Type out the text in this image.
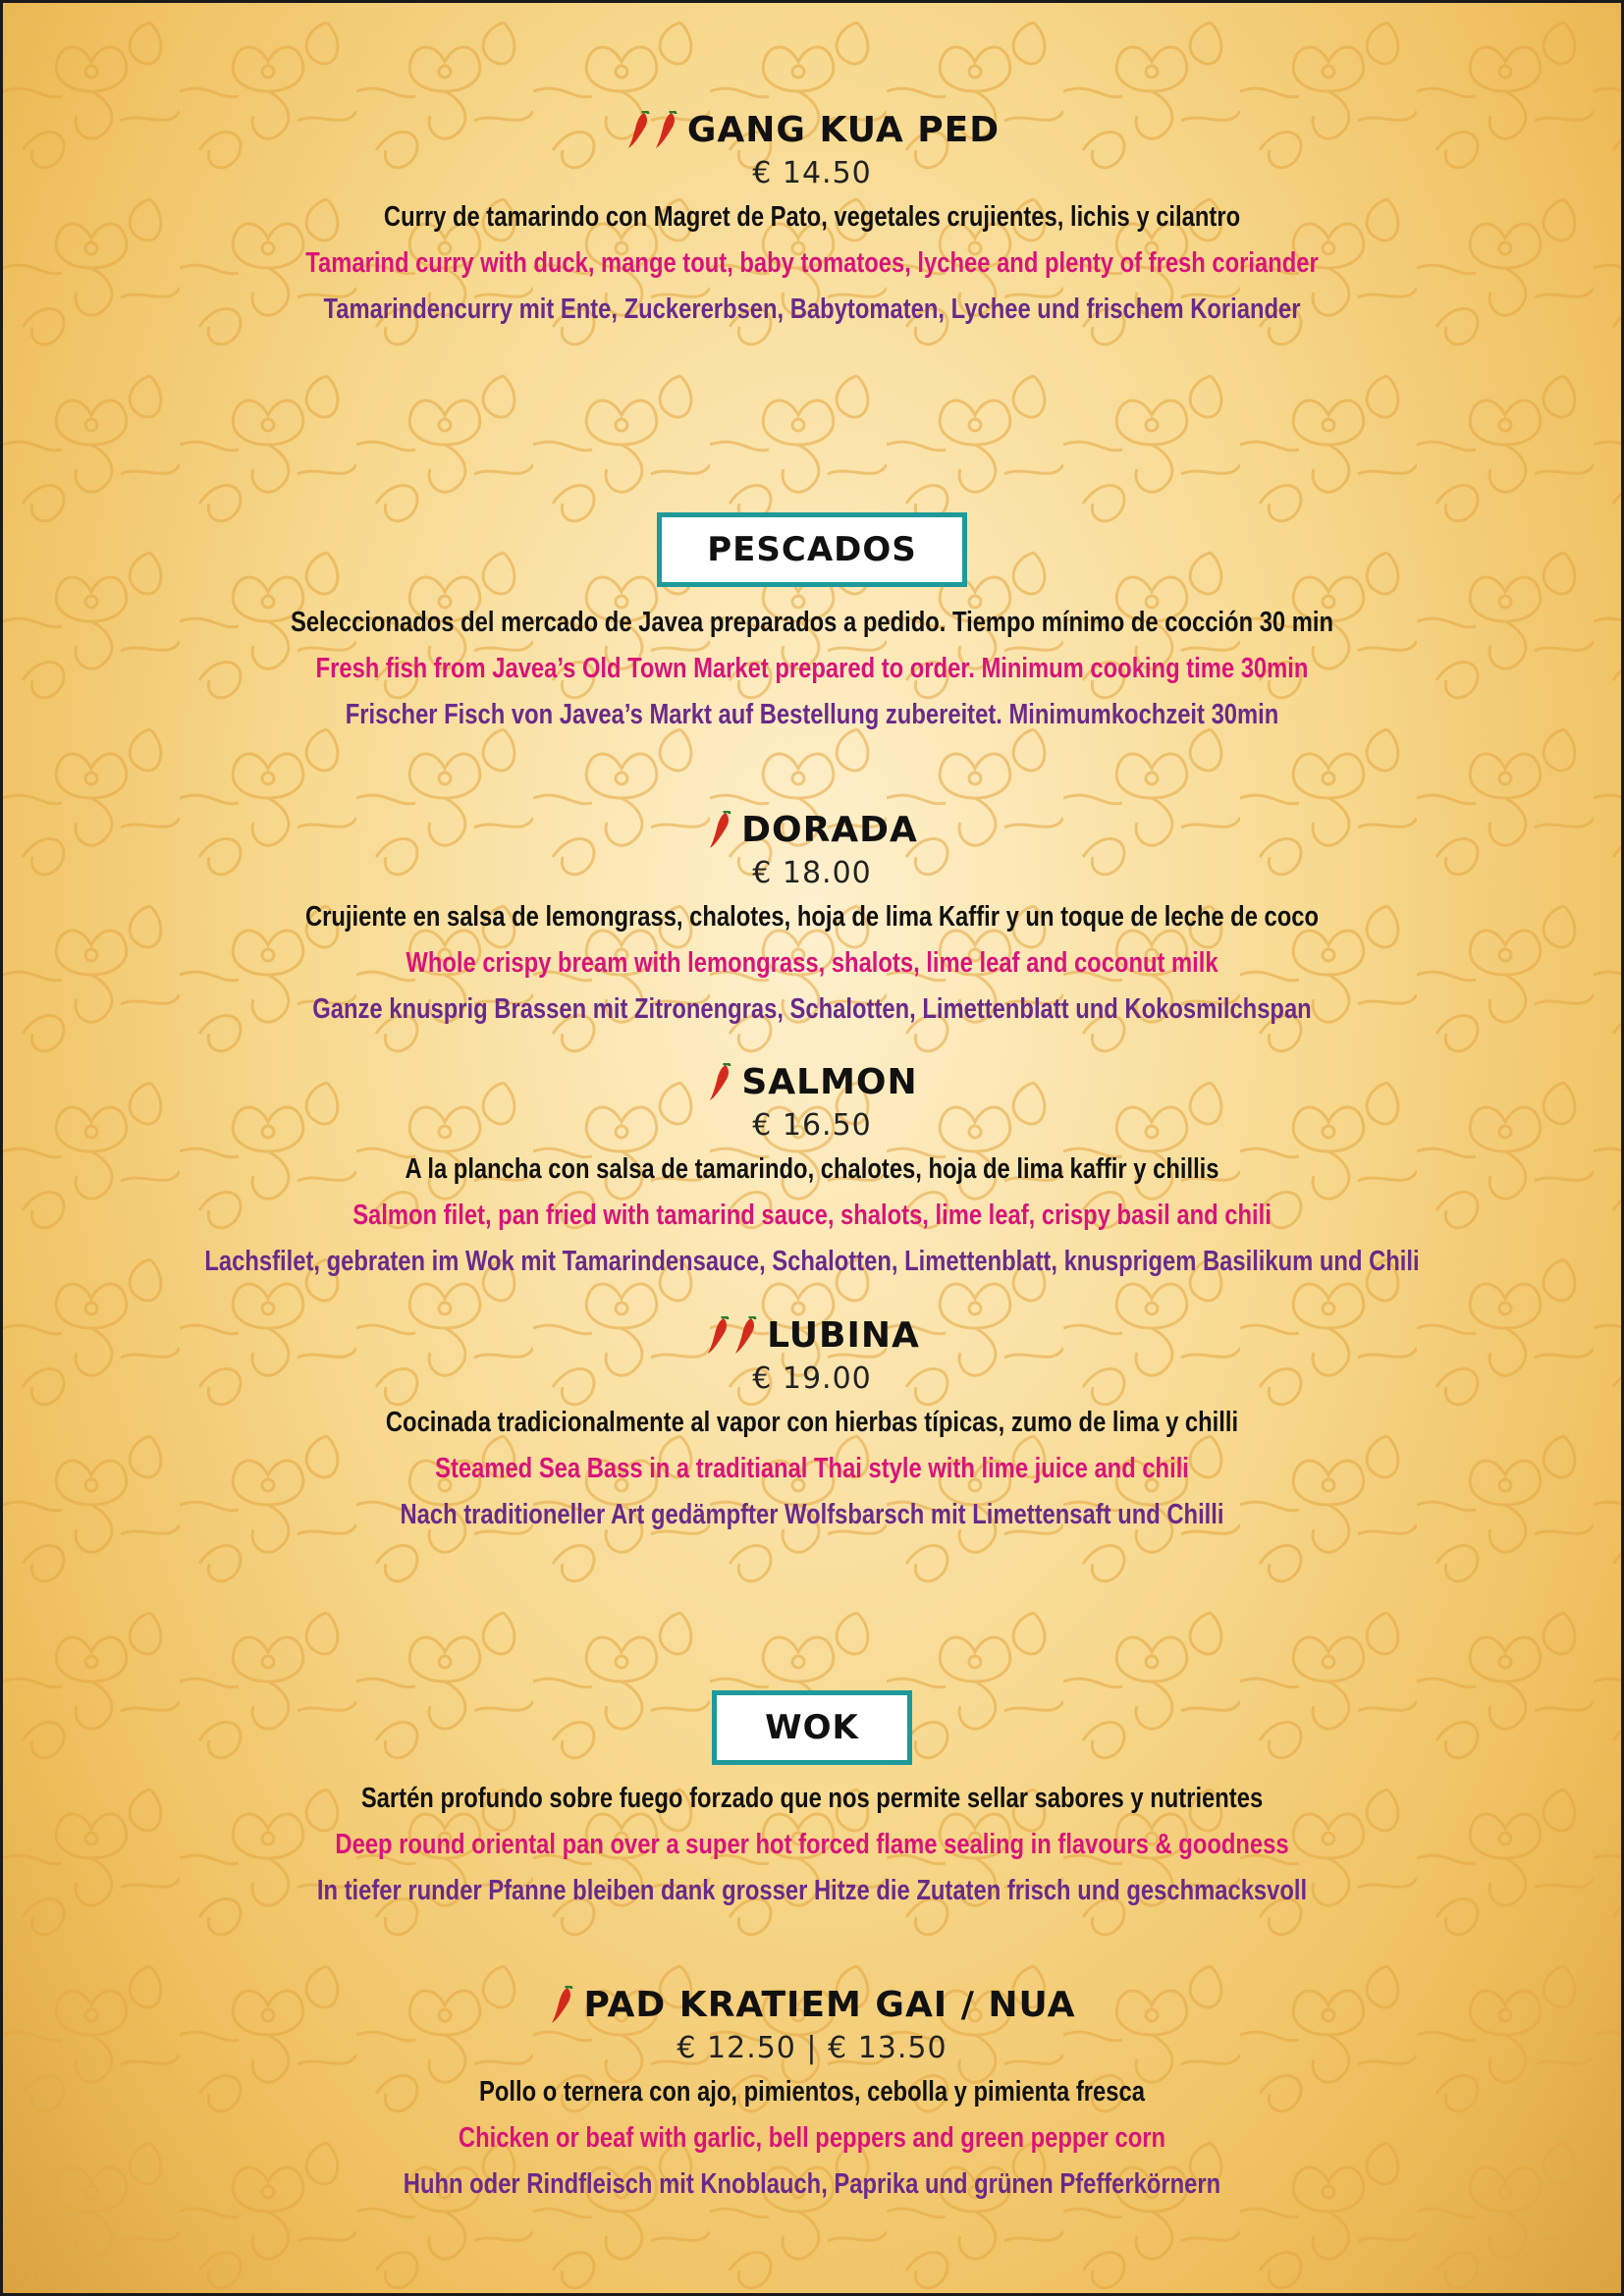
GANG KUA PED
€ 14.50
Curry de tamarindo con Magret de Pato, vegetales crujientes, lichis y cilantro
Tamarind curry with duck, mange tout, baby tomatoes, lychee and plenty of fresh coriander
Tamarindencurry mit Ente, Zuckererbsen, Babytomaten, Lychee und frischem Koriander
PESCADOS
Seleccionados del mercado de Javea preparados a pedido. Tiempo mínimo de cocción 30 min
Fresh fish from Javea’s Old Town Market prepared to order. Minimum cooking time 30min
Frischer Fisch von Javea’s Markt auf Bestellung zubereitet. Minimumkochzeit 30min
DORADA
€ 18.00
Crujiente en salsa de lemongrass, chalotes, hoja de lima Kaffir y un toque de leche de coco
Whole crispy bream with lemongrass, shalots, lime leaf and coconut milk
Ganze knusprig Brassen mit Zitronengras, Schalotten, Limettenblatt und Kokosmilchspan
SALMON
€ 16.50
A la plancha con salsa de tamarindo, chalotes, hoja de lima kaffir y chillis
Salmon filet, pan fried with tamarind sauce, shalots, lime leaf, crispy basil and chili
Lachsfilet, gebraten im Wok mit Tamarindensauce, Schalotten, Limettenblatt, knusprigem Basilikum und Chili
LUBINA
€ 19.00
Cocinada tradicionalmente al vapor con hierbas típicas, zumo de lima y chilli
Steamed Sea Bass in a traditianal Thai style with lime juice and chili
Nach traditioneller Art gedämpfter Wolfsbarsch mit Limettensaft und Chilli
WOK
Sartén profundo sobre fuego forzado que nos permite sellar sabores y nutrientes
Deep round oriental pan over a super hot forced flame sealing in flavours & goodness
In tiefer runder Pfanne bleiben dank grosser Hitze die Zutaten frisch und geschmacksvoll
PAD KRATIEM GAI / NUA
€ 12.50 | € 13.50
Pollo o ternera con ajo, pimientos, cebolla y pimienta fresca
Chicken or beaf with garlic, bell peppers and green pepper corn
Huhn oder Rindfleisch mit Knoblauch, Paprika und grünen Pfefferkörnern
